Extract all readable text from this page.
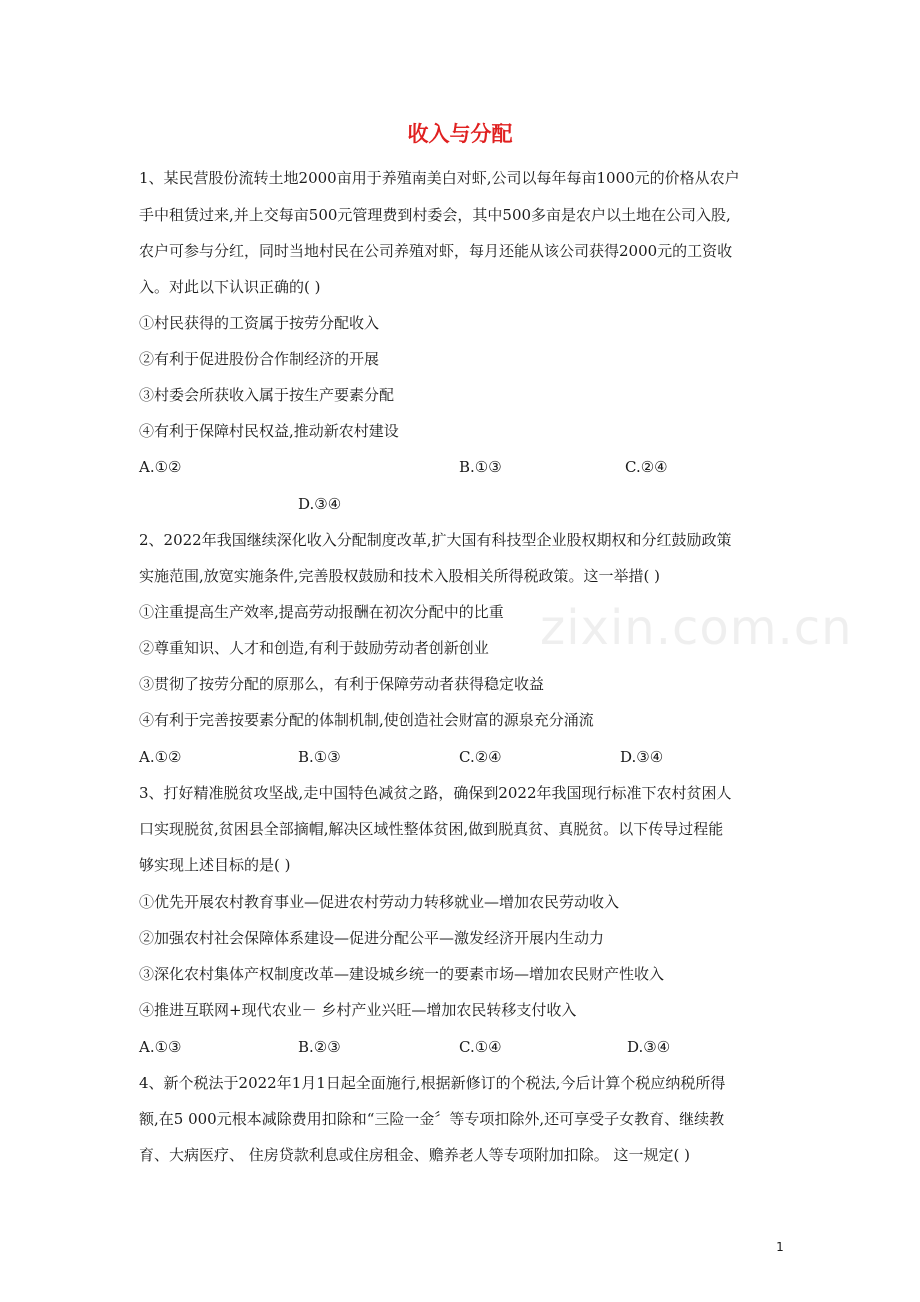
收入与分配
zixin.com.cn
1、某民营股份流转土地2000亩用于养殖南美白对虾,公司以每年每亩1000元的价格从农户
手中租赁过来,并上交每亩500元管理费到村委会，其中500多亩是农户以土地在公司入股,
农户可参与分红，同时当地村民在公司养殖对虾，每月还能从该公司获得2000元的工资收
入。对此以下认识正确的( )
①村民获得的工资属于按劳分配收入
②有利于促进股份合作制经济的开展
③村委会所获收入属于按生产要素分配
④有利于保障村民权益,推动新农村建设
A.①②	B.①③	C.②④
D.③④
2、2022年我国继续深化收入分配制度改革,扩大国有科技型企业股权期权和分红鼓励政策
实施范围,放宽实施条件,完善股权鼓励和技术入股相关所得税政策。这一举措( )
①注重提高生产效率,提高劳动报酬在初次分配中的比重
②尊重知识、人才和创造,有利于鼓励劳动者创新创业
③贯彻了按劳分配的原那么，有利于保障劳动者获得稳定收益
④有利于完善按要素分配的体制机制,使创造社会财富的源泉充分涌流
A.①②	B.①③	C.②④	D.③④
3、打好精准脱贫攻坚战,走中国特色减贫之路，确保到2022年我国现行标准下农村贫困人
口实现脱贫,贫困县全部摘帽,解决区域性整体贫困,做到脱真贫、真脱贫。以下传导过程能
够实现上述目标的是( )
①优先开展农村教育事业—促进农村劳动力转移就业—增加农民劳动收入
②加强农村社会保障体系建设—促进分配公平—激发经济开展内生动力
③深化农村集体产权制度改革—建设城乡统一的要素市场—增加农民财产性收入
④推进互联网+现代农业－ 乡村产业兴旺—增加农民转移支付收入
A.①③	B.②③	C.①④	D.③④
4、新个税法于2022年1月1日起全面施行,根据新修订的个税法,今后计算个税应纳税所得
额,在5 000元根本减除费用扣除和“三险一金〞等专项扣除外,还可享受子女教育、继续教
育、大病医疗、 住房贷款利息或住房租金、赡养老人等专项附加扣除。 这一规定( )
1
